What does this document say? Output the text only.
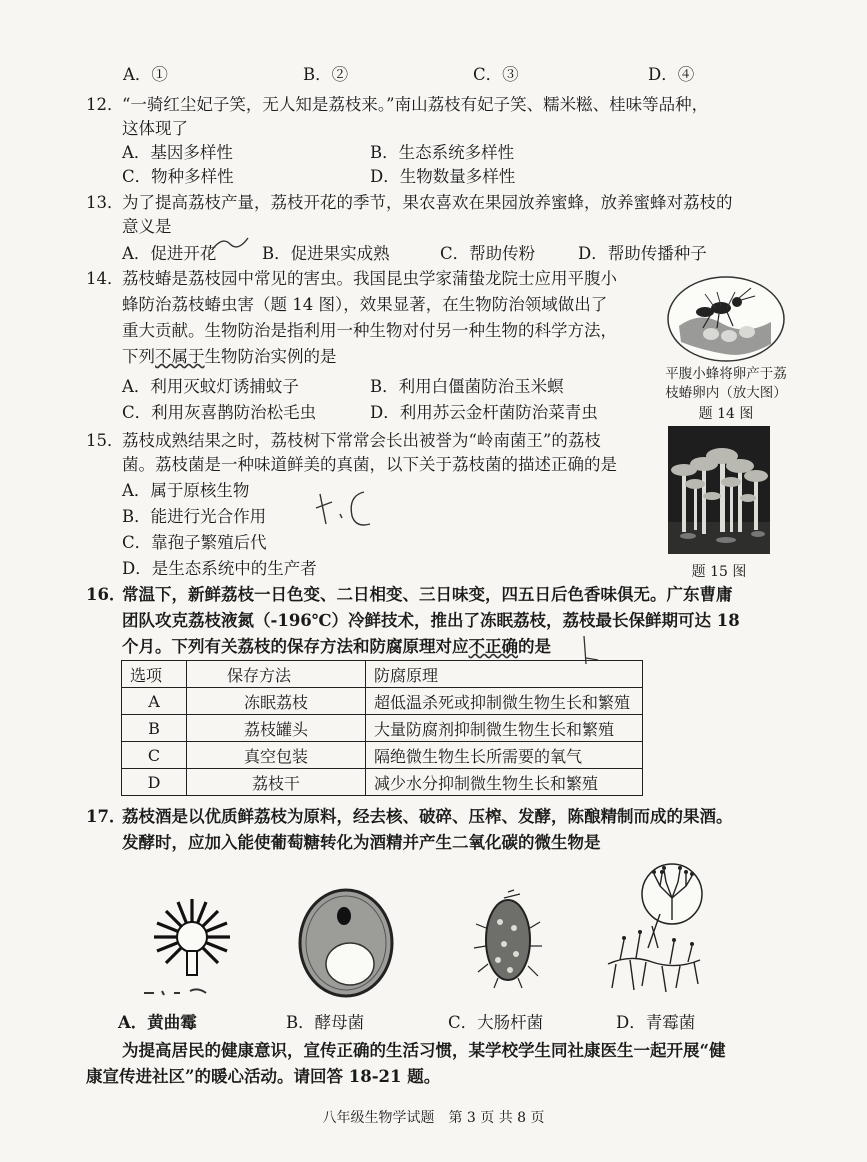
A．①	B．②	C．③	D．④
12．
“一骑红尘妃子笑，无人知是荔枝来。”南山荔枝有妃子笑、糯米糍、桂味等品种，
这体现了
A．基因多样性	B．生态系统多样性
C．物种多样性	D．生物数量多样性
13．
为了提高荔枝产量，荔枝开花的季节，果农喜欢在果园放养蜜蜂，放养蜜蜂对荔枝的
意义是
A．促进开花	B．促进果实成熟	C．帮助传粉	D．帮助传播种子
14．
荔枝蝽是荔枝园中常见的害虫。我国昆虫学家蒲蛰龙院士应用平腹小
蜂防治荔枝蝽虫害（题 14 图），效果显著，在生物防治领域做出了
重大贡献。生物防治是指利用一种生物对付另一种生物的科学方法，
下列不属于生物防治实例的是
A．利用灭蚊灯诱捕蚊子	B．利用白僵菌防治玉米螟
C．利用灰喜鹊防治松毛虫	D．利用苏云金杆菌防治菜青虫
平腹小蜂将卵产于荔
枝蝽卵内（放大图）
题 14 图
15．
荔枝成熟结果之时，荔枝树下常常会长出被誉为“岭南菌王”的荔枝
菌。荔枝菌是一种味道鲜美的真菌，以下关于荔枝菌的描述正确的是
A．属于原核生物
B．能进行光合作用
C．靠孢子繁殖后代
D．是生态系统中的生产者	题 15 图
16．
常温下，新鲜荔枝一日色变、二日相变、三日味变，四五日后色香味俱无。广东曹庸
团队攻克荔枝液氮（-196℃）冷鲜技术，推出了冻眠荔枝，荔枝最长保鲜期可达 18
个月。下列有关荔枝的保存方法和防腐原理对应不正确的是
选项	保存方法	防腐原理
A	冻眠荔枝	超低温杀死或抑制微生物生长和繁殖
B	荔枝罐头	大量防腐剂抑制微生物生长和繁殖
C	真空包装	隔绝微生物生长所需要的氧气
D	荔枝干	减少水分抑制微生物生长和繁殖
17．
荔枝酒是以优质鲜荔枝为原料，经去核、破碎、压榨、发酵，陈酿精制而成的果酒。
发酵时，应加入能使葡萄糖转化为酒精并产生二氧化碳的微生物是
A．黄曲霉	B．酵母菌	C．大肠杆菌	D．青霉菌
为提高居民的健康意识，宣传正确的生活习惯，某学校学生同社康医生一起开展“健
康宣传进社区”的暖心活动。请回答 18-21 题。
八年级生物学试题　第 3 页 共 8 页
